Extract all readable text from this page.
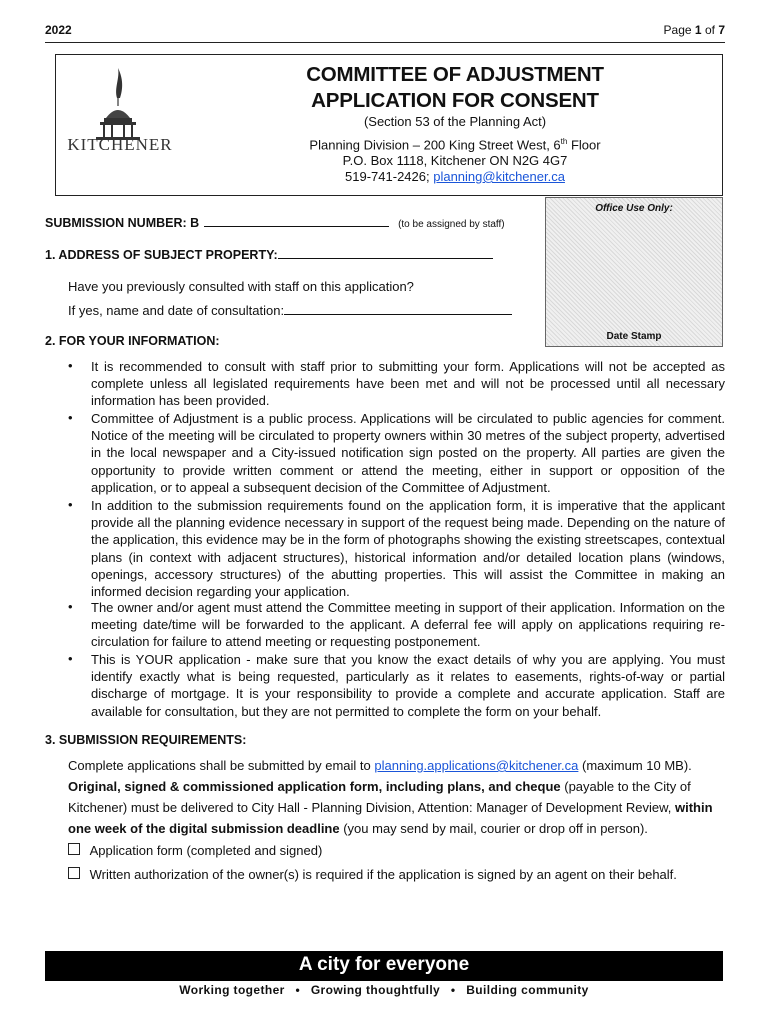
2022	Page 1 of 7
KITCHENER
COMMITTEE OF ADJUSTMENT
APPLICATION FOR CONSENT
(Section 53 of the Planning Act)
Planning Division – 200 King Street West, 6th Floor
P.O. Box 1118, Kitchener ON N2G 4G7
519-741-2426; planning@kitchener.ca
Office Use Only:
Date Stamp
SUBMISSION NUMBER: B	(to be assigned by staff)
1. ADDRESS OF SUBJECT PROPERTY:
Have you previously consulted with staff on this application?
If yes, name and date of consultation:
2. FOR YOUR INFORMATION:
• It is recommended to consult with staff prior to submitting your form. Applications will not be accepted as complete unless all legislated requirements have been met and will not be processed until all necessary information has been provided.
• Committee of Adjustment is a public process. Applications will be circulated to public agencies for comment. Notice of the meeting will be circulated to property owners within 30 metres of the subject property, advertised in the local newspaper and a City-issued notification sign posted on the property. All parties are given the opportunity to provide written comment or attend the meeting, either in support or opposition of the application, or to appeal a subsequent decision of the Committee of Adjustment.
• In addition to the submission requirements found on the application form, it is imperative that the applicant provide all the planning evidence necessary in support of the request being made. Depending on the nature of the application, this evidence may be in the form of photographs showing the existing streetscapes, contextual plans (in context with adjacent structures), historical information and/or detailed location plans (windows, openings, accessory structures) of the abutting properties. This will assist the Committee in making an informed decision regarding your application.
• The owner and/or agent must attend the Committee meeting in support of their application. Information on the meeting date/time will be forwarded to the applicant. A deferral fee will apply on applications requiring re-circulation for failure to attend meeting or requesting postponement.
• This is YOUR application - make sure that you know the exact details of why you are applying. You must identify exactly what is being requested, particularly as it relates to easements, rights-of-way or partial discharge of mortgage. It is your responsibility to provide a complete and accurate application. Staff are available for consultation, but they are not permitted to complete the form on your behalf.
3. SUBMISSION REQUIREMENTS:
Complete applications shall be submitted by email to planning.applications@kitchener.ca (maximum 10 MB). Original, signed & commissioned application form, including plans, and cheque (payable to the City of Kitchener) must be delivered to City Hall - Planning Division, Attention: Manager of Development Review, within one week of the digital submission deadline (you may send by mail, courier or drop off in person).
Application form (completed and signed)
Written authorization of the owner(s) is required if the application is signed by an agent on their behalf.
A city for everyone
Working together • Growing thoughtfully • Building community
